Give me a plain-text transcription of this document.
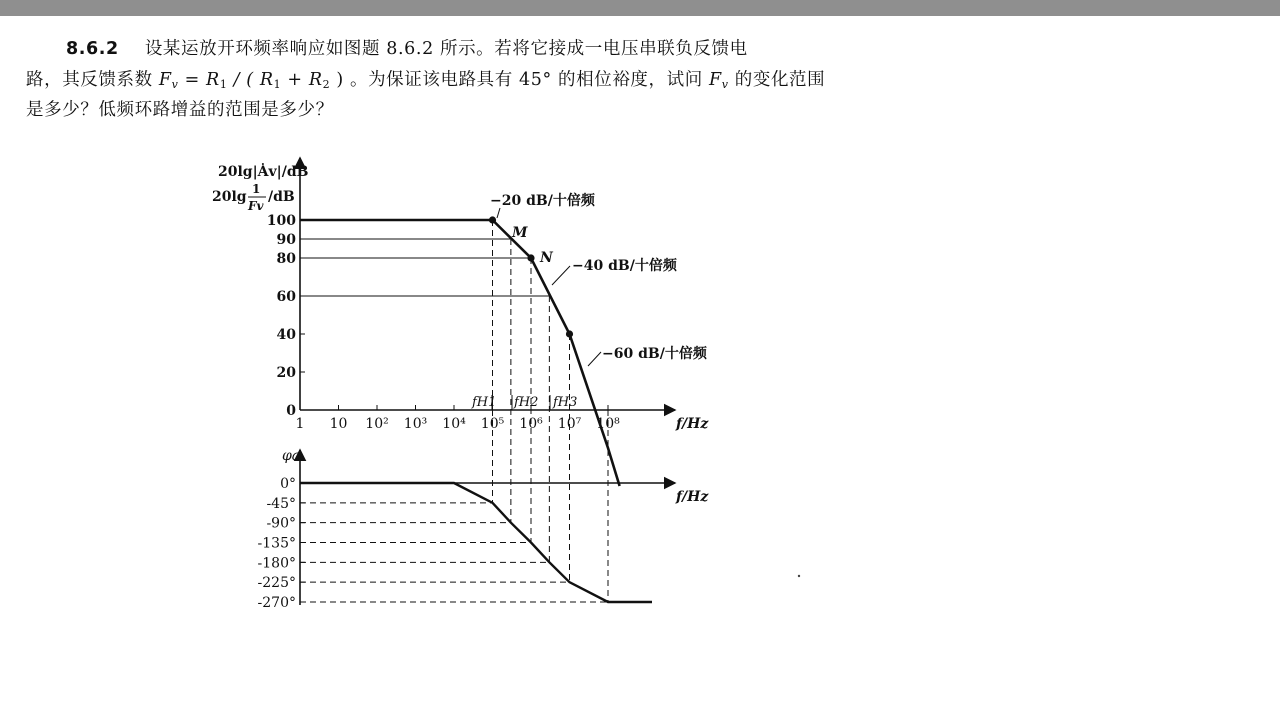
8.6.2 设某运放开环频率响应如图题 8.6.2 所示。若将它接成一电压串联负反馈电
路，其反馈系数 $F_v = R_1$ / ( $R_1 + R_2$ ) 。为保证该电路具有 45° 的相位裕度，试问 $F_v$ 的变化范围
是多少？低频环路增益的范围是多少？
20lg|Ȧv|/dB
20lg 1
Fv
/dB
100
90
80
60
40
20
0
1 10 10² 10³ 10⁴ 10⁵ 10⁶ 10⁷ 10⁸	f/Hz
−20 dB/十倍频
M
N −40 dB/十倍频
−60 dB/十倍频
fH1 fH2 fH3
φa
f/Hz
0°
-45°
-90°
-135°
-180°
-225°
-270°
